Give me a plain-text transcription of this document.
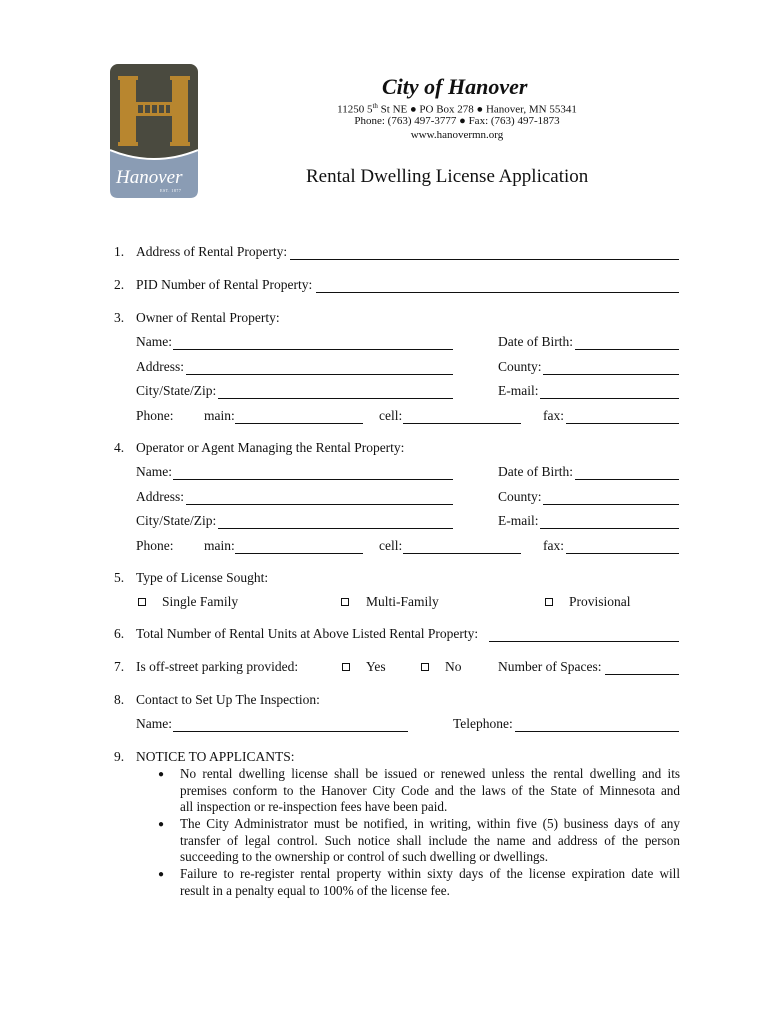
Hanover
EST. 1877
City of Hanover
11250 5th St NE ● PO Box 278 ● Hanover, MN 55341
Phone: (763) 497-3777 ● Fax: (763) 497-1873
www.hanovermn.org
Rental Dwelling License Application
1. Address of Rental Property:
2. PID Number of Rental Property:
3. Owner of Rental Property:
Name:	Date of Birth:
Address:	County:
City/State/Zip:	E-mail:
Phone: main:	cell:	fax:
4. Operator or Agent Managing the Rental Property:
Name:	Date of Birth:
Address:	County:
City/State/Zip:	E-mail:
Phone: main:	cell:	fax:
5. Type of License Sought:
Single Family	Multi-Family	Provisional
6. Total Number of Rental Units at Above Listed Rental Property:
7. Is off-street parking provided:	Yes	No	Number of Spaces:
8. Contact to Set Up The Inspection:
Name:	Telephone:
9. NOTICE TO APPLICANTS:
● No rental dwelling license shall be issued or renewed unless the rental dwelling and its
premises conform to the Hanover City Code and the laws of the State of Minnesota and
all inspection or re-inspection fees have been paid.
● The City Administrator must be notified, in writing, within five (5) business days of any
transfer of legal control. Such notice shall include the name and address of the person
succeeding to the ownership or control of such dwelling or dwellings.
● Failure to re-register rental property within sixty days of the license expiration date will
result in a penalty equal to 100% of the license fee.
